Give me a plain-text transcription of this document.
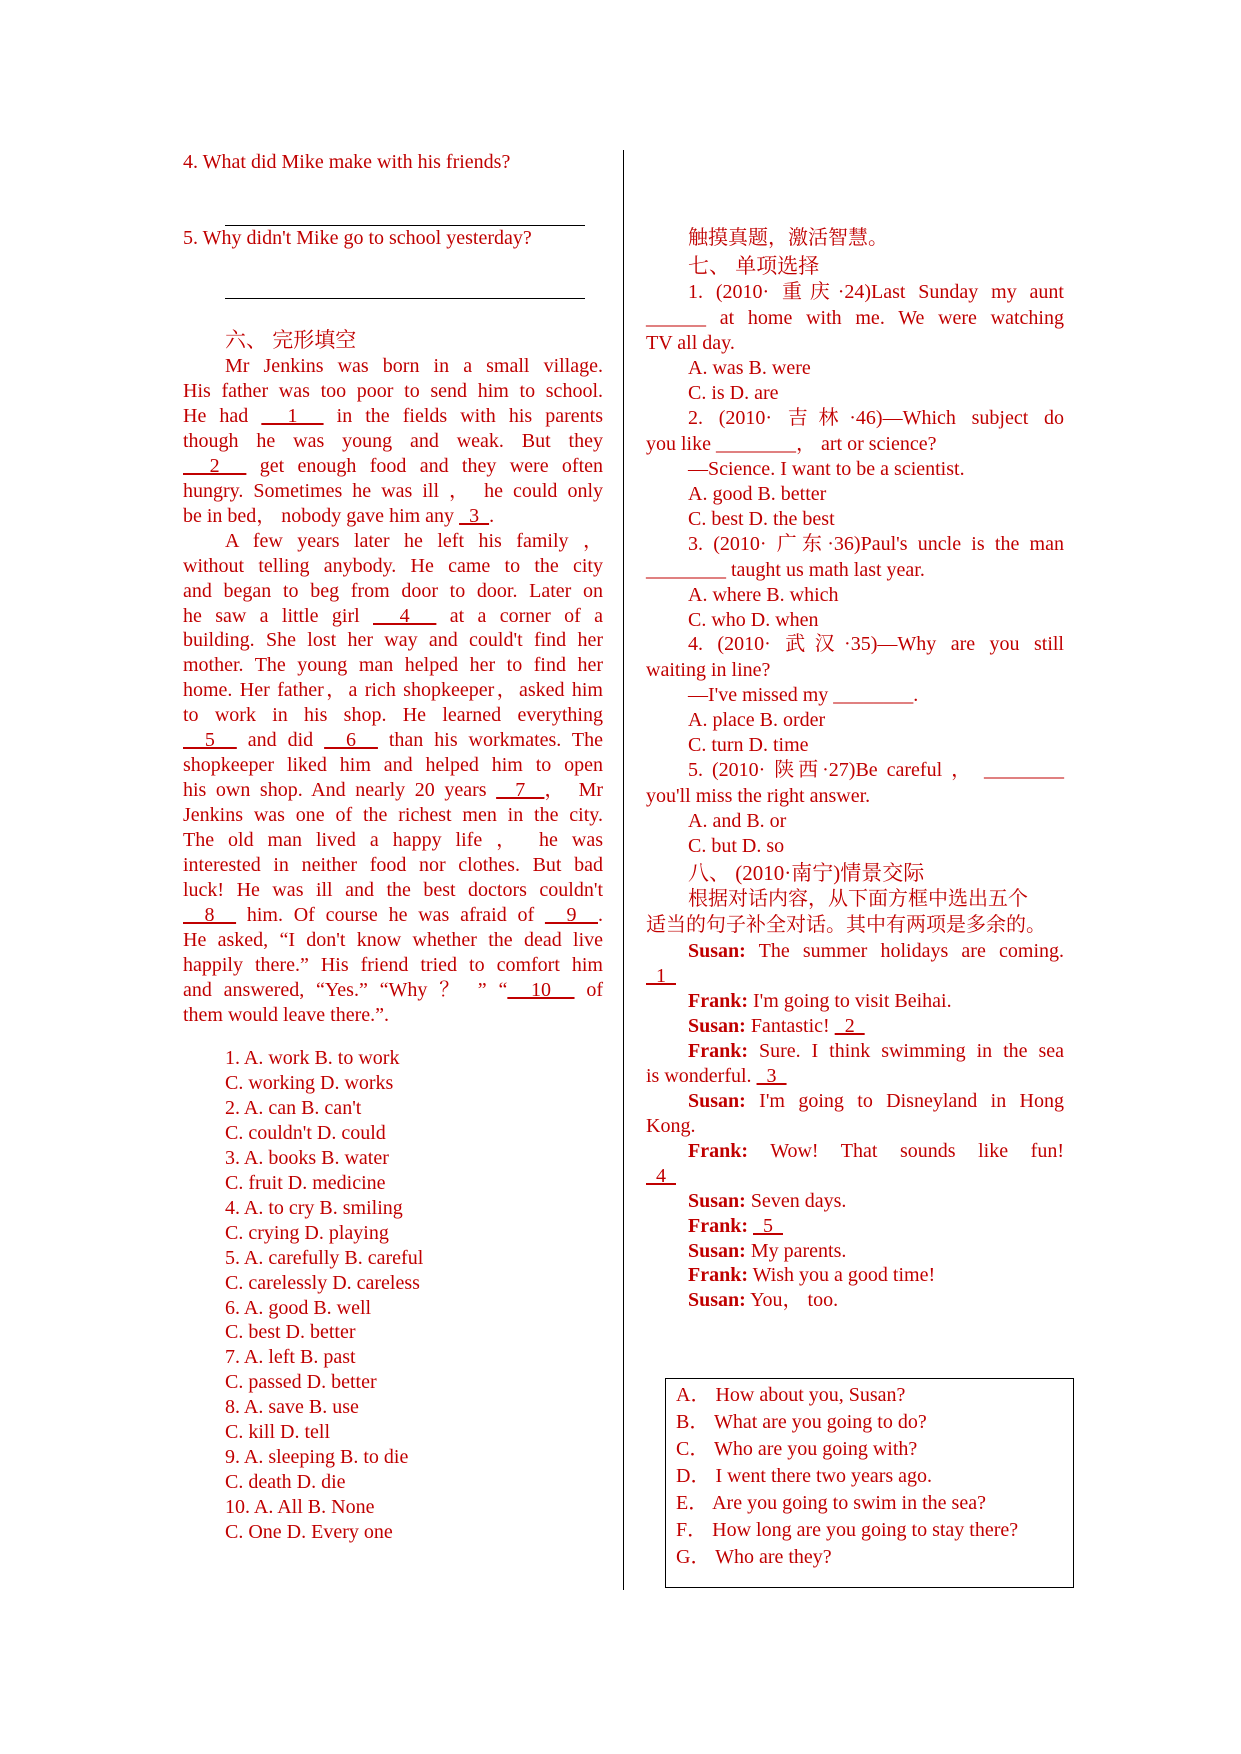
4. What did Mike make with his friends?
5. Why didn't Mike go to school yesterday?
六、 完形填空
Mr Jenkins was born in a small village.
His father was too poor to send him to school.
He had   1   in the fields with his parents
though he was young and weak. But they
2   get enough food and they were often
hungry. Sometimes he was ill ， he could only
be in bed， nobody gave him any   3  .
A few years later he left his family ，
without telling anybody. He came to the city
and began to beg from door to door. Later on
he saw a little girl   4   at a corner of a
building. She lost her way and could't find her
mother. The young man helped her to find her
home. Her father，a rich shopkeeper，asked him
to work in his shop. He learned everything
5   and did   6   than his workmates. The
shopkeeper liked him and helped him to open
his own shop. And nearly 20 years   7  ， Mr
Jenkins was one of the richest men in the city.
The old man lived a happy life ， he was
interested in neither food nor clothes. But bad
luck! He was ill and the best doctors couldn't
8   him. Of course he was afraid of   9  .
He asked, “I don't know whether the dead live
happily there.” His friend tried to comfort him
and answered, “Yes.” “Why ？ ” “  10   of
them would leave there.”.
1. A. work B. to work
C. working D. works
2. A. can B. can't
C. couldn't D. could
3. A. books B. water
C. fruit D. medicine
4. A. to cry B. smiling
C. crying D. playing
5. A. carefully B. careful
C. carelessly D. careless
6. A. good B. well
C. best D. better
7. A. left B. past
C. passed D. better
8. A. save B. use
C. kill D. tell
9. A. sleeping B. to die
C. death D. die
10. A. All B. None
C. One D. Every one
触摸真题，激活智慧。
七、 单项选择
1. (2010· 重庆·24)Last Sunday my aunt
______ at home with me. We were watching
TV all day.
A. was B. were
C. is D. are
2. (2010· 吉林·46)—Which subject do
you like ________， art or science?
—Science. I want to be a scientist.
A. good B. better
C. best D. the best
3. (2010· 广东·36)Paul's uncle is the man
________ taught us math last year.
A. where B. which
C. who D. when
4. (2010· 武汉·35)—Why are you still
waiting in line?
—I've missed my ________.
A. place B. order
C. turn D. time
5. (2010· 陕西·27)Be careful ， ________
you'll miss the right answer.
A. and B. or
C. but D. so
八、 (2010·南宁)情景交际
根据对话内容，从下面方框中选出五个
适当的句子补全对话。其中有两项是多余的。
Susan: The summer holidays are coming.
1
Frank: I'm going to visit Beihai.
Susan: Fantastic!   2
Frank: Sure. I think swimming in the sea
is wonderful.   3
Susan: I'm going to Disneyland in Hong
Kong.
Frank: Wow! That sounds like fun!
4
Susan: Seven days.
Frank:   5
Susan: My parents.
Frank: Wish you a good time!
Susan: You， too.
A． How about you, Susan?
B． What are you going to do?
C． Who are you going with?
D． I went there two years ago.
E． Are you going to swim in the sea?
F． How long are you going to stay there?
G． Who are they?
